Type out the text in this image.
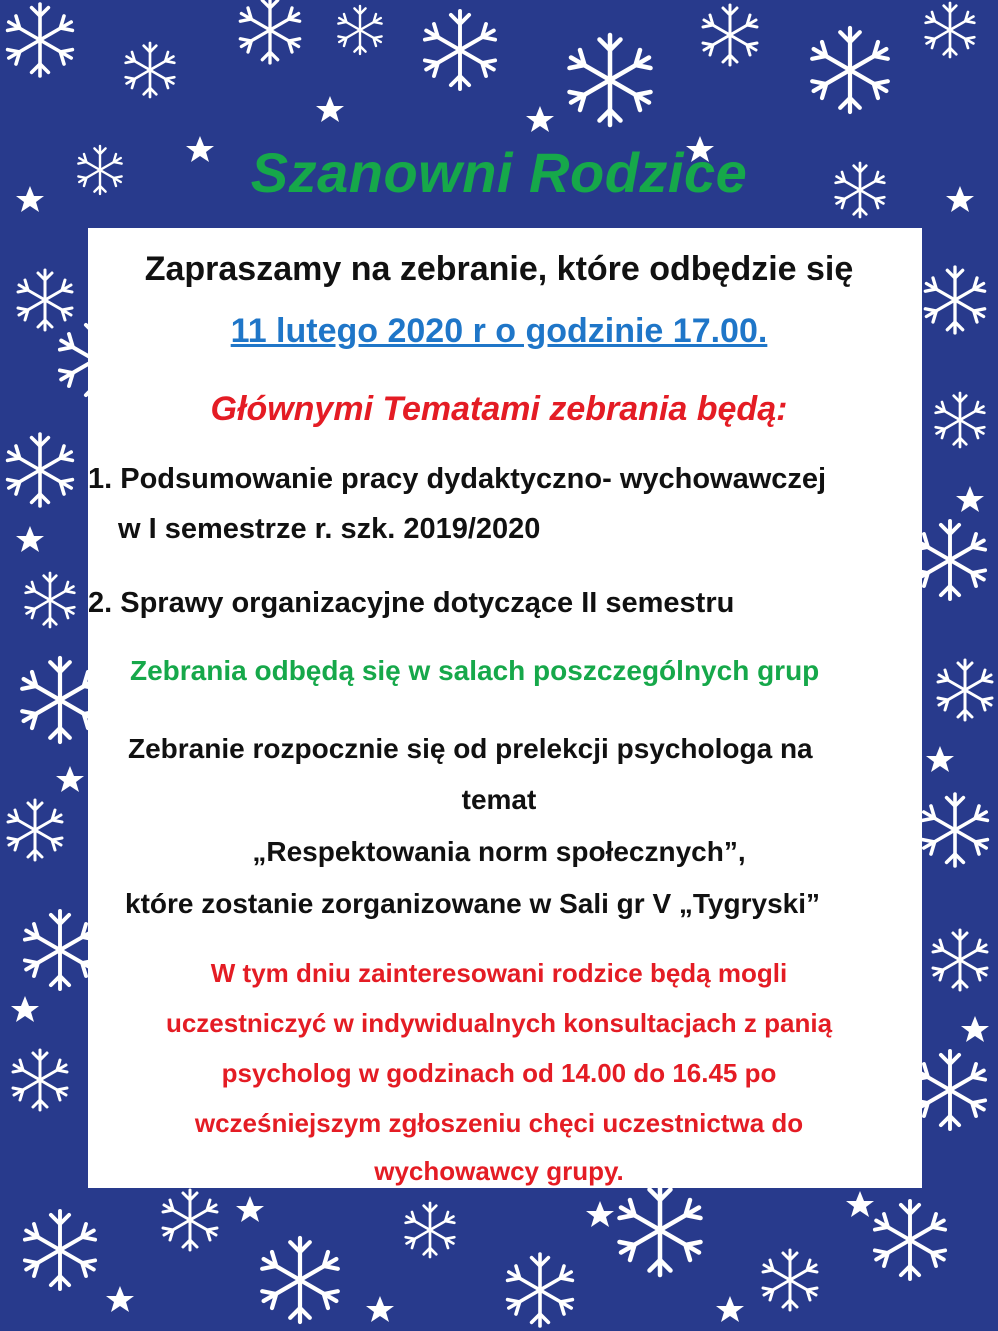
Szanowni Rodzice

Zapraszamy na zebranie, które odbędzie się

11 lutego 2020 r o godzinie 17.00.

Głównymi Tematami zebrania będą:

1. Podsumowanie pracy dydaktyczno- wychowawczej

w I semestrze r. szk. 2019/2020

2. Sprawy organizacyjne dotyczące II semestru

Zebrania odbędą się w salach poszczególnych grup

Zebranie rozpocznie się od prelekcji psychologa na

temat

„Respektowania norm społecznych”,

które zostanie zorganizowane w Sali gr V „Tygryski”

W tym dniu zainteresowani rodzice będą mogli

uczestniczyć w indywidualnych konsultacjach z panią

psycholog w godzinach od 14.00 do 16.45 po

wcześniejszym zgłoszeniu chęci uczestnictwa do

wychowawcy grupy.
